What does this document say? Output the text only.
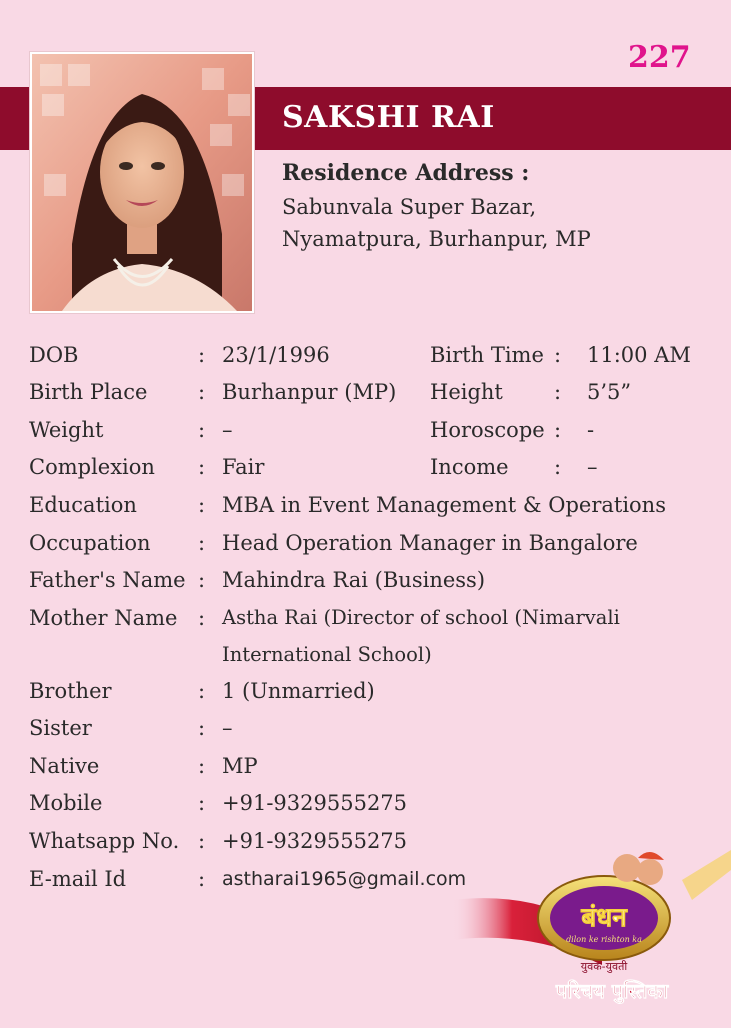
227
SAKSHI RAI
Residence Address :
Sabunvala Super Bazar,
Nyamatpura, Burhanpur, MP
DOB	: 23/1/1996	Birth Time : 11:00 AM
Birth Place : Burhanpur (MP) Height : 5’5”
Weight	: –	Horoscope : -
Complexion : Fair	Income : –
Education	: MBA in Event Management & Operations
Occupation : Head Operation Manager in Bangalore
Father's Name : Mahindra Rai (Business)
Mother Name : Astha Rai (Director of school (Nimarvali
International School)
Brother	: 1 (Unmarried)
Sister	: –
Native	: MP
Mobile	: +91-9329555275
Whatsapp No. : +91-9329555275
E-mail Id	: astharai1965@gmail.com
बंधन
dilon ke rishton ka
युवक-युवती
परिचय पुस्तिका
